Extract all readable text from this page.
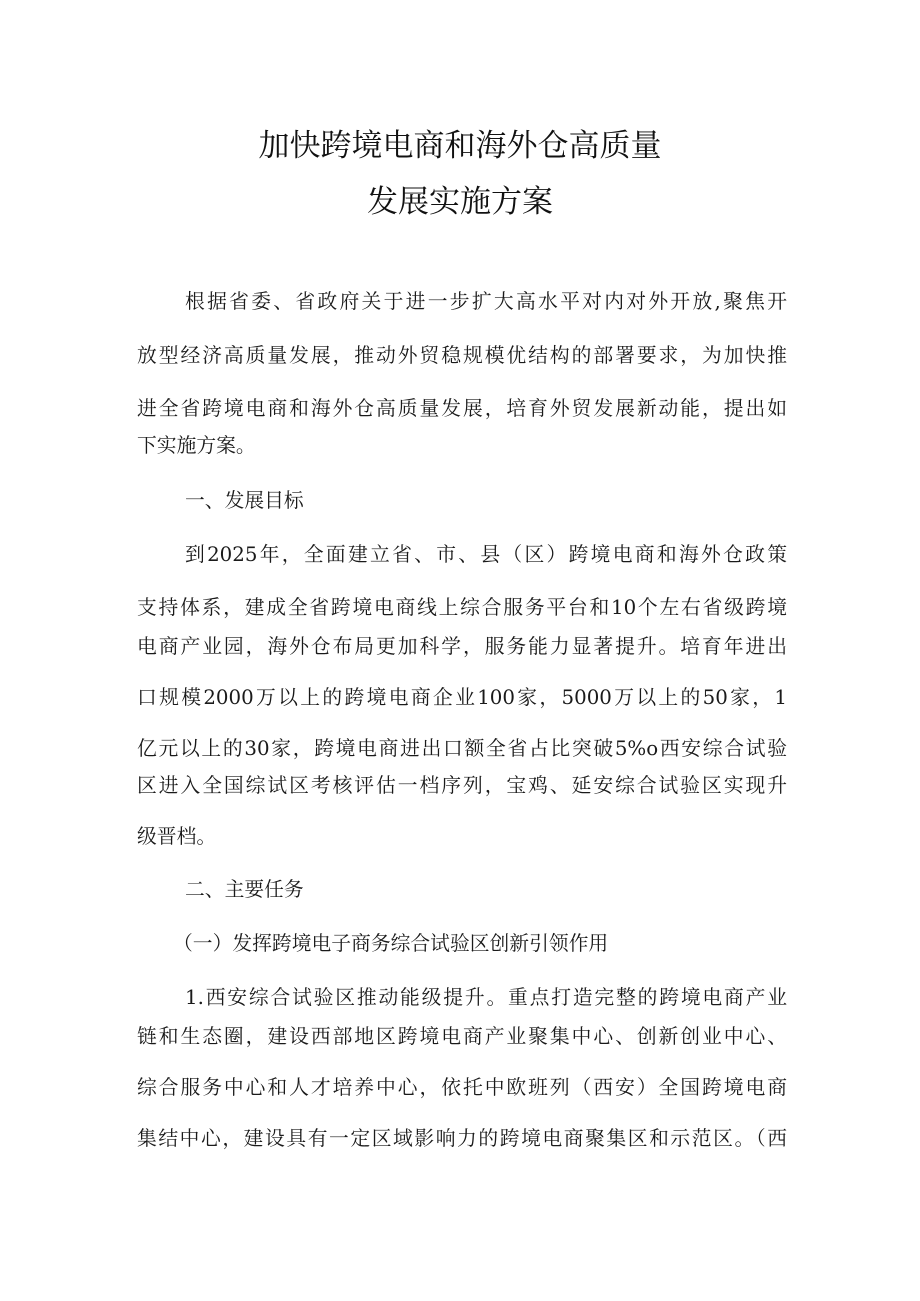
加快跨境电商和海外仓高质量
发展实施方案
根据省委、省政府关于进一步扩大高水平对内对外开放,聚焦开
放型经济高质量发展，推动外贸稳规模优结构的部署要求，为加快推
进全省跨境电商和海外仓高质量发展，培育外贸发展新动能，提出如
下实施方案。
一、发展目标
到2025年，全面建立省、市、县（区）跨境电商和海外仓政策
支持体系，建成全省跨境电商线上综合服务平台和10个左右省级跨境
电商产业园，海外仓布局更加科学，服务能力显著提升。培育年进出
口规模2000万以上的跨境电商企业100家，5000万以上的50家，1
亿元以上的30家，跨境电商进出口额全省占比突破5%o西安综合试验
区进入全国综试区考核评估一档序列，宝鸡、延安综合试验区实现升
级晋档。
二、主要任务
（一）发挥跨境电子商务综合试验区创新引领作用
1.西安综合试验区推动能级提升。重点打造完整的跨境电商产业
链和生态圈，建设西部地区跨境电商产业聚集中心、创新创业中心、
综合服务中心和人才培养中心，依托中欧班列（西安）全国跨境电商
集结中心，建设具有一定区域影响力的跨境电商聚集区和示范区。（西
